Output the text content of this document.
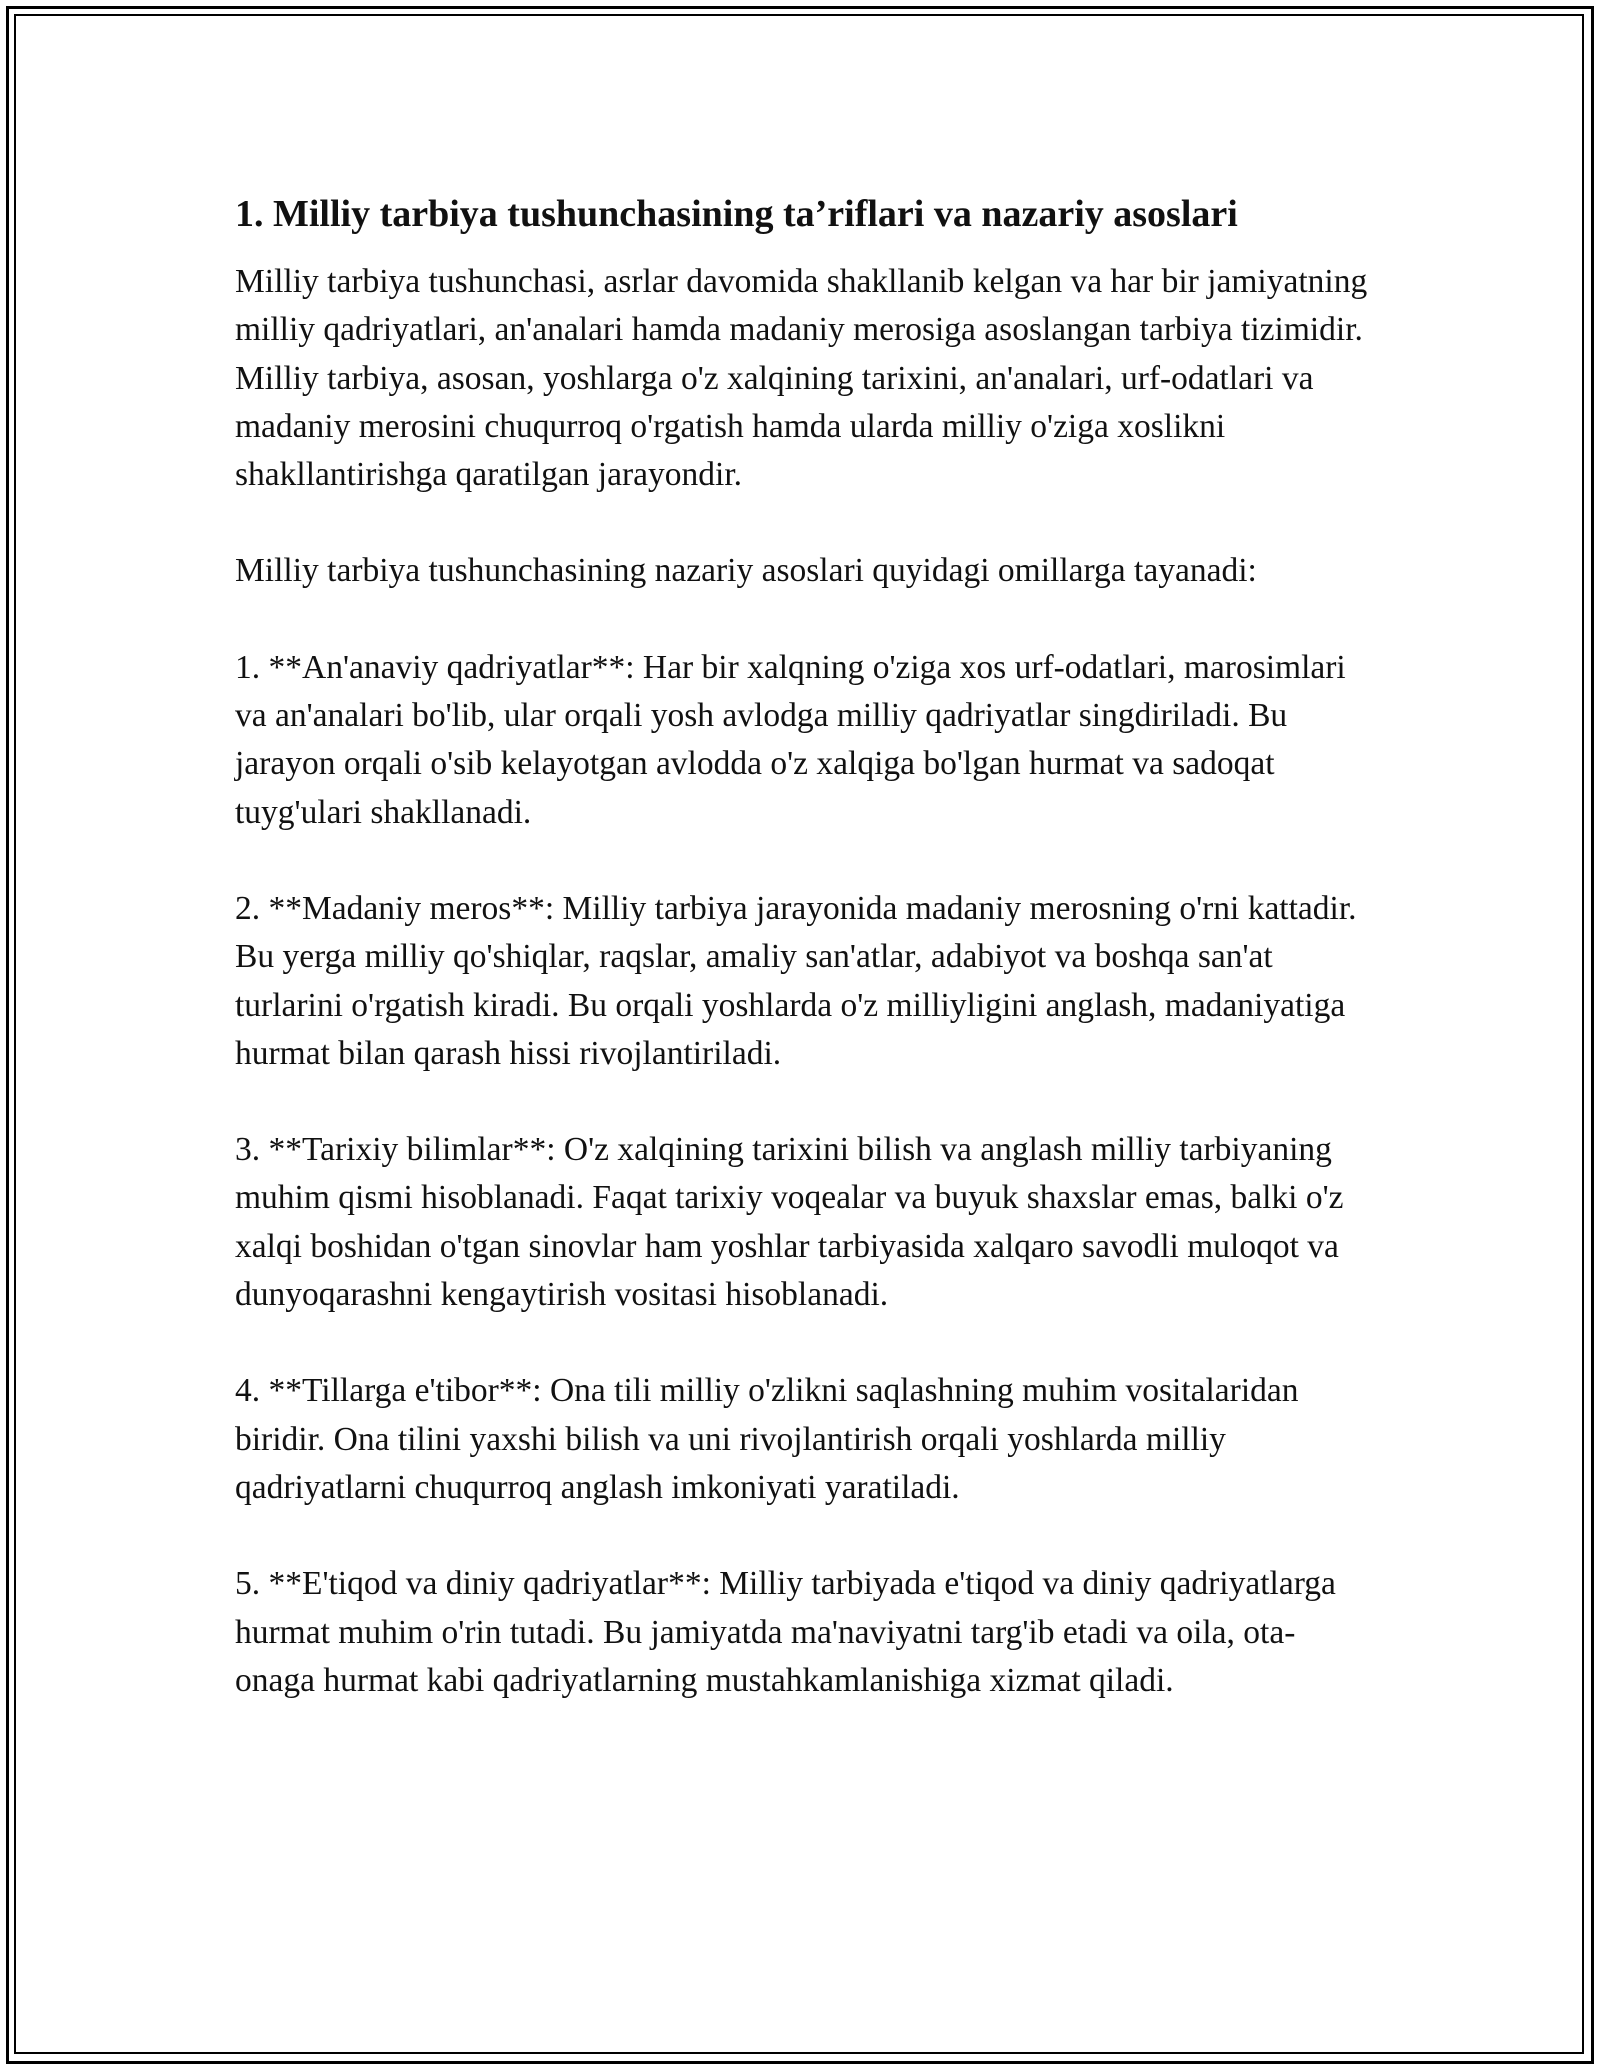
1. Milliy tarbiya tushunchasining ta’riflari va nazariy asoslari

Milliy tarbiya tushunchasi, asrlar davomida shakllanib kelgan va har bir jamiyatning milliy qadriyatlari, an'analari hamda madaniy merosiga asoslangan tarbiya tizimidir. Milliy tarbiya, asosan, yoshlarga o'z xalqining tarixini, an'analari, urf-odatlari va madaniy merosini chuqurroq o'rgatish hamda ularda milliy o'ziga xoslikni shakllantirishga qaratilgan jarayondir.

Milliy tarbiya tushunchasining nazariy asoslari quyidagi omillarga tayanadi:

1. **An'anaviy qadriyatlar**: Har bir xalqning o'ziga xos urf-odatlari, marosimlari va an'analari bo'lib, ular orqali yosh avlodga milliy qadriyatlar singdiriladi. Bu jarayon orqali o'sib kelayotgan avlodda o'z xalqiga bo'lgan hurmat va sadoqat tuyg'ulari shakllanadi.

2. **Madaniy meros**: Milliy tarbiya jarayonida madaniy merosning o'rni kattadir. Bu yerga milliy qo'shiqlar, raqslar, amaliy san'atlar, adabiyot va boshqa san'at turlarini o'rgatish kiradi. Bu orqali yoshlarda o'z milliyligini anglash, madaniyatiga hurmat bilan qarash hissi rivojlantiriladi.

3. **Tarixiy bilimlar**: O'z xalqining tarixini bilish va anglash milliy tarbiyaning muhim qismi hisoblanadi. Faqat tarixiy voqealar va buyuk shaxslar emas, balki o'z xalqi boshidan o'tgan sinovlar ham yoshlar tarbiyasida xalqaro savodli muloqot va dunyoqarashni kengaytirish vositasi hisoblanadi.

4. **Tillarga e'tibor**: Ona tili milliy o'zlikni saqlashning muhim vositalaridan biridir. Ona tilini yaxshi bilish va uni rivojlantirish orqali yoshlarda milliy qadriyatlarni chuqurroq anglash imkoniyati yaratiladi.

5. **E'tiqod va diniy qadriyatlar**: Milliy tarbiyada e'tiqod va diniy qadriyatlarga hurmat muhim o'rin tutadi. Bu jamiyatda ma'naviyatni targ'ib etadi va oila, ota-onaga hurmat kabi qadriyatlarning mustahkamlanishiga xizmat qiladi.
